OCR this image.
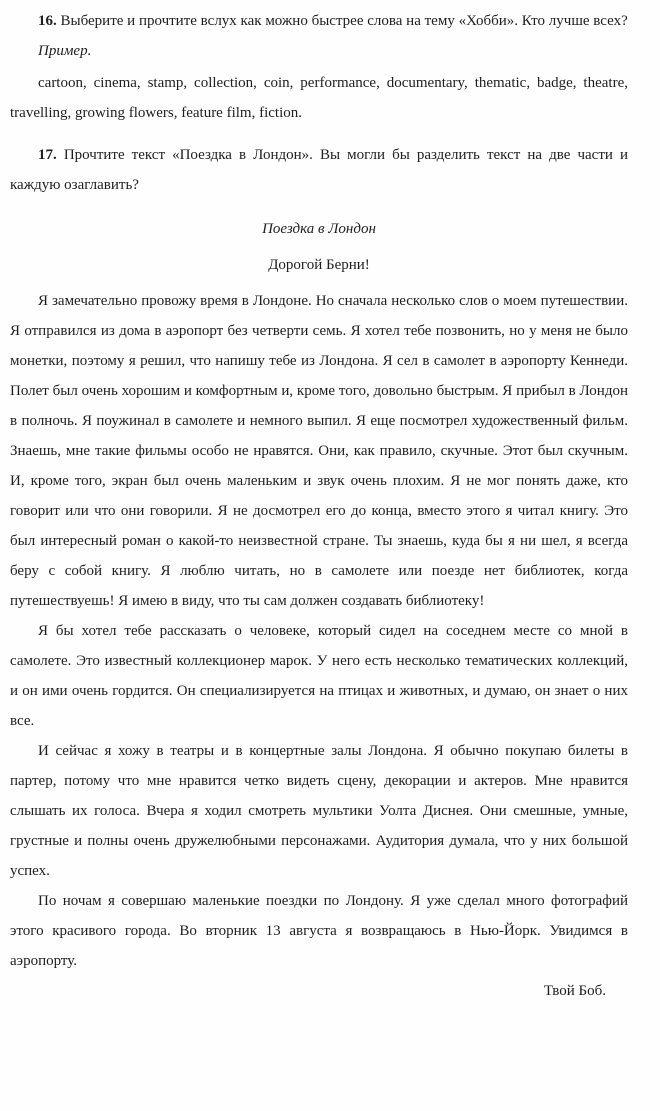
16. Выберите и прочтите вслух как можно быстрее слова на тему «Хобби». Кто лучше всех?

Пример.

cartoon, cinema, stamp, collection, coin, performance, documentary, thematic, badge, theatre, travelling, growing flowers, feature film, fiction.

17. Прочтите текст «Поездка в Лондон». Вы могли бы разделить текст на две части и каждую озаглавить?

Поездка в Лондон

Дорогой Берни!

Я замечательно провожу время в Лондоне. Но сначала несколько слов о моем путешествии. Я отправился из дома в аэропорт без четверти семь. Я хотел тебе позвонить, но у меня не было монетки, поэтому я решил, что напишу тебе из Лондона. Я сел в самолет в аэропорту Кеннеди. Полет был очень хорошим и комфортным и, кроме того, довольно быстрым. Я прибыл в Лондон в полночь. Я поужинал в самолете и немного выпил. Я еще посмотрел художественный фильм. Знаешь, мне такие фильмы особо не нравятся. Они, как правило, скучные. Этот был скучным. И, кроме того, экран был очень маленьким и звук очень плохим. Я не мог понять даже, кто говорит или что они говорили. Я не досмотрел его до конца, вместо этого я читал книгу. Это был интересный роман о какой-то неизвестной стране. Ты знаешь, куда бы я ни шел, я всегда беру с собой книгу. Я люблю читать, но в самолете или поезде нет библиотек, когда путешествуешь! Я имею в виду, что ты сам должен создавать библиотеку!

Я бы хотел тебе рассказать о человеке, который сидел на соседнем месте со мной в самолете. Это известный коллекционер марок. У него есть несколько тематических коллекций, и он ими очень гордится. Он специализируется на птицах и животных, и думаю, он знает о них все.

И сейчас я хожу в театры и в концертные залы Лондона. Я обычно покупаю билеты в партер, потому что мне нравится четко видеть сцену, декорации и актеров. Мне нравится слышать их голоса. Вчера я ходил смотреть мультики Уолта Диснея. Они смешные, умные, грустные и полны очень дружелюбными персонажами. Аудитория думала, что у них большой успех.

По ночам я совершаю маленькие поездки по Лондону. Я уже сделал много фотографий этого красивого города. Во вторник 13 августа я возвращаюсь в Нью-Йорк. Увидимся в аэропорту.

Твой Боб.
